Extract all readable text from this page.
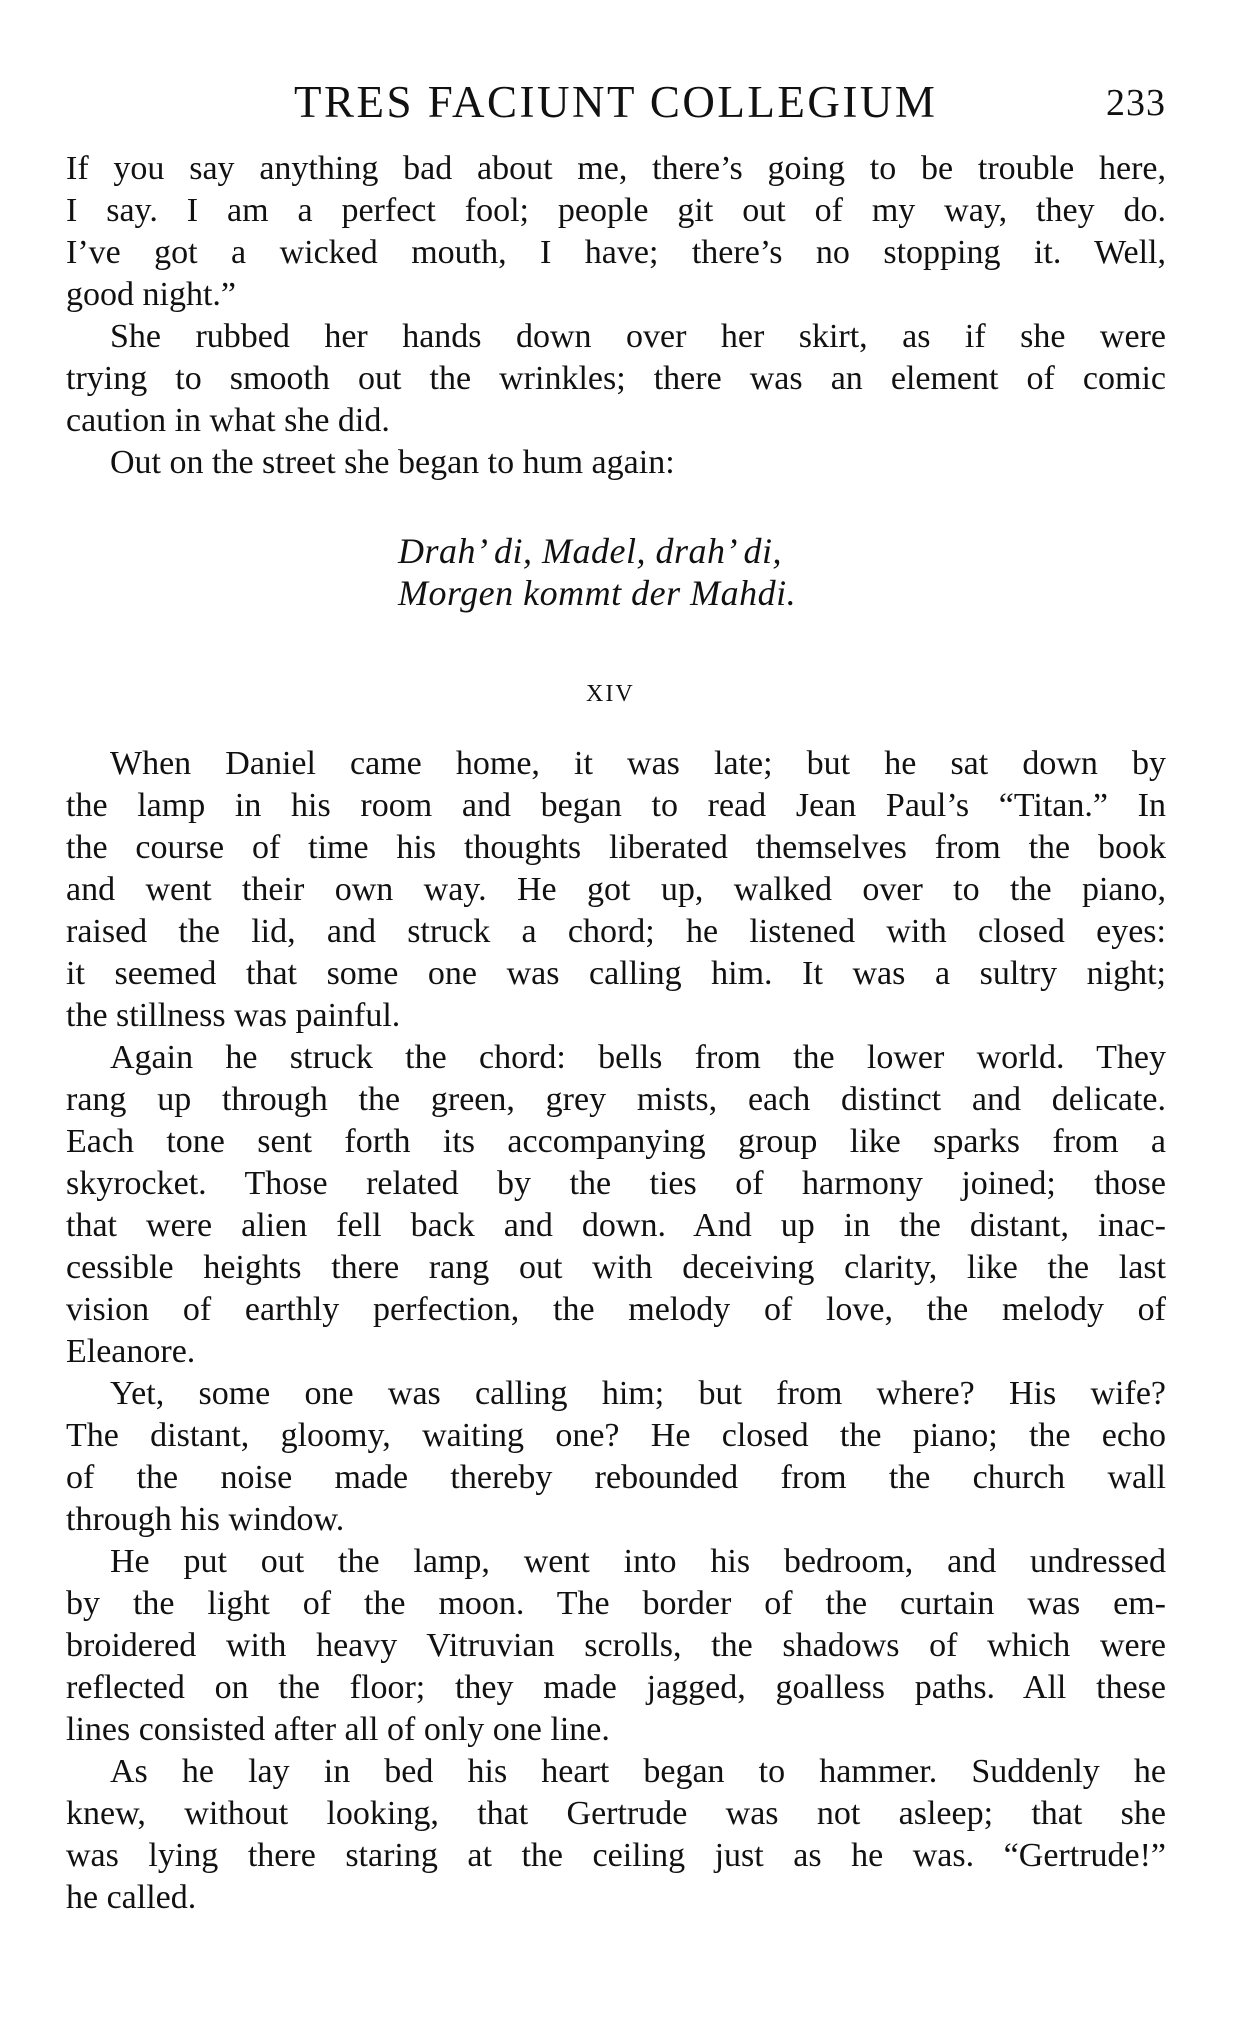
TRES FACIUNT COLLEGIUM	233
If you say anything bad about me, there’s going to be trouble here,
I say. I am a perfect fool; people git out of my way, they do.
I’ve got a wicked mouth, I have; there’s no stopping it. Well,
good night.”
She rubbed her hands down over her skirt, as if she were
trying to smooth out the wrinkles; there was an element of comic
caution in what she did.
Out on the street she began to hum again:
Drah’ di, Madel, drah’ di,
Morgen kommt der Mahdi.
XIV
When Daniel came home, it was late; but he sat down by
the lamp in his room and began to read Jean Paul’s “Titan.” In
the course of time his thoughts liberated themselves from the book
and went their own way. He got up, walked over to the piano,
raised the lid, and struck a chord; he listened with closed eyes:
it seemed that some one was calling him. It was a sultry night;
the stillness was painful.
Again he struck the chord: bells from the lower world. They
rang up through the green, grey mists, each distinct and delicate.
Each tone sent forth its accompanying group like sparks from a
skyrocket. Those related by the ties of harmony joined; those
that were alien fell back and down. And up in the distant, inac-
cessible heights there rang out with deceiving clarity, like the last
vision of earthly perfection, the melody of love, the melody of
Eleanore.
Yet, some one was calling him; but from where? His wife?
The distant, gloomy, waiting one? He closed the piano; the echo
of the noise made thereby rebounded from the church wall
through his window.
He put out the lamp, went into his bedroom, and undressed
by the light of the moon. The border of the curtain was em-
broidered with heavy Vitruvian scrolls, the shadows of which were
reflected on the floor; they made jagged, goalless paths. All these
lines consisted after all of only one line.
As he lay in bed his heart began to hammer. Suddenly he
knew, without looking, that Gertrude was not asleep; that she
was lying there staring at the ceiling just as he was. “Gertrude!”
he called.
